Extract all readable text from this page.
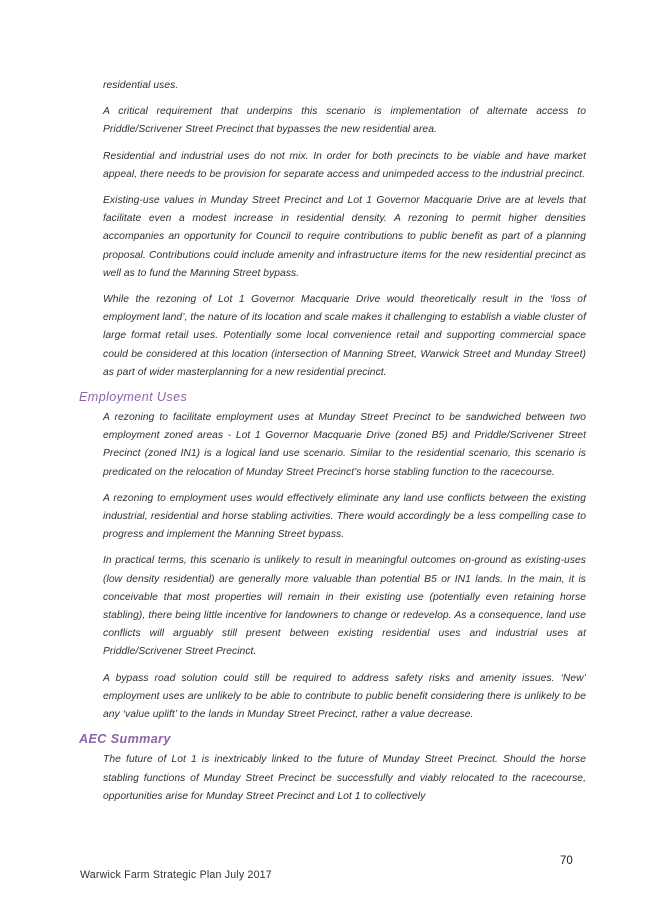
residential uses.

A critical requirement that underpins this scenario is implementation of alternate access to Priddle/Scrivener Street Precinct that bypasses the new residential area.

Residential and industrial uses do not mix. In order for both precincts to be viable and have market appeal, there needs to be provision for separate access and unimpeded access to the industrial precinct.

Existing-use values in Munday Street Precinct and Lot 1 Governor Macquarie Drive are at levels that facilitate even a modest increase in residential density. A rezoning to permit higher densities accompanies an opportunity for Council to require contributions to public benefit as part of a planning proposal. Contributions could include amenity and infrastructure items for the new residential precinct as well as to fund the Manning Street bypass.

While the rezoning of Lot 1 Governor Macquarie Drive would theoretically result in the ‘loss of employment land’, the nature of its location and scale makes it challenging to establish a viable cluster of large format retail uses. Potentially some local convenience retail and supporting commercial space could be considered at this location (intersection of Manning Street, Warwick Street and Munday Street) as part of wider masterplanning for a new residential precinct.

Employment Uses

A rezoning to facilitate employment uses at Munday Street Precinct to be sandwiched between two employment zoned areas - Lot 1 Governor Macquarie Drive (zoned B5) and Priddle/Scrivener Street Precinct (zoned IN1) is a logical land use scenario. Similar to the residential scenario, this scenario is predicated on the relocation of Munday Street Precinct’s horse stabling function to the racecourse.

A rezoning to employment uses would effectively eliminate any land use conflicts between the existing industrial, residential and horse stabling activities. There would accordingly be a less compelling case to progress and implement the Manning Street bypass.

In practical terms, this scenario is unlikely to result in meaningful outcomes on-ground as existing-uses (low density residential) are generally more valuable than potential B5 or IN1 lands. In the main, it is conceivable that most properties will remain in their existing use (potentially even retaining horse stabling), there being little incentive for landowners to change or redevelop. As a consequence, land use conflicts will arguably still present between existing residential uses and industrial uses at Priddle/Scrivener Street Precinct.

A bypass road solution could still be required to address safety risks and amenity issues. ‘New’ employment uses are unlikely to be able to contribute to public benefit considering there is unlikely to be any ‘value uplift’ to the lands in Munday Street Precinct, rather a value decrease.

AEC Summary

The future of Lot 1 is inextricably linked to the future of Munday Street Precinct. Should the horse stabling functions of Munday Street Precinct be successfully and viably relocated to the racecourse, opportunities arise for Munday Street Precinct and Lot 1 to collectively

70
Warwick Farm Strategic Plan July 2017
